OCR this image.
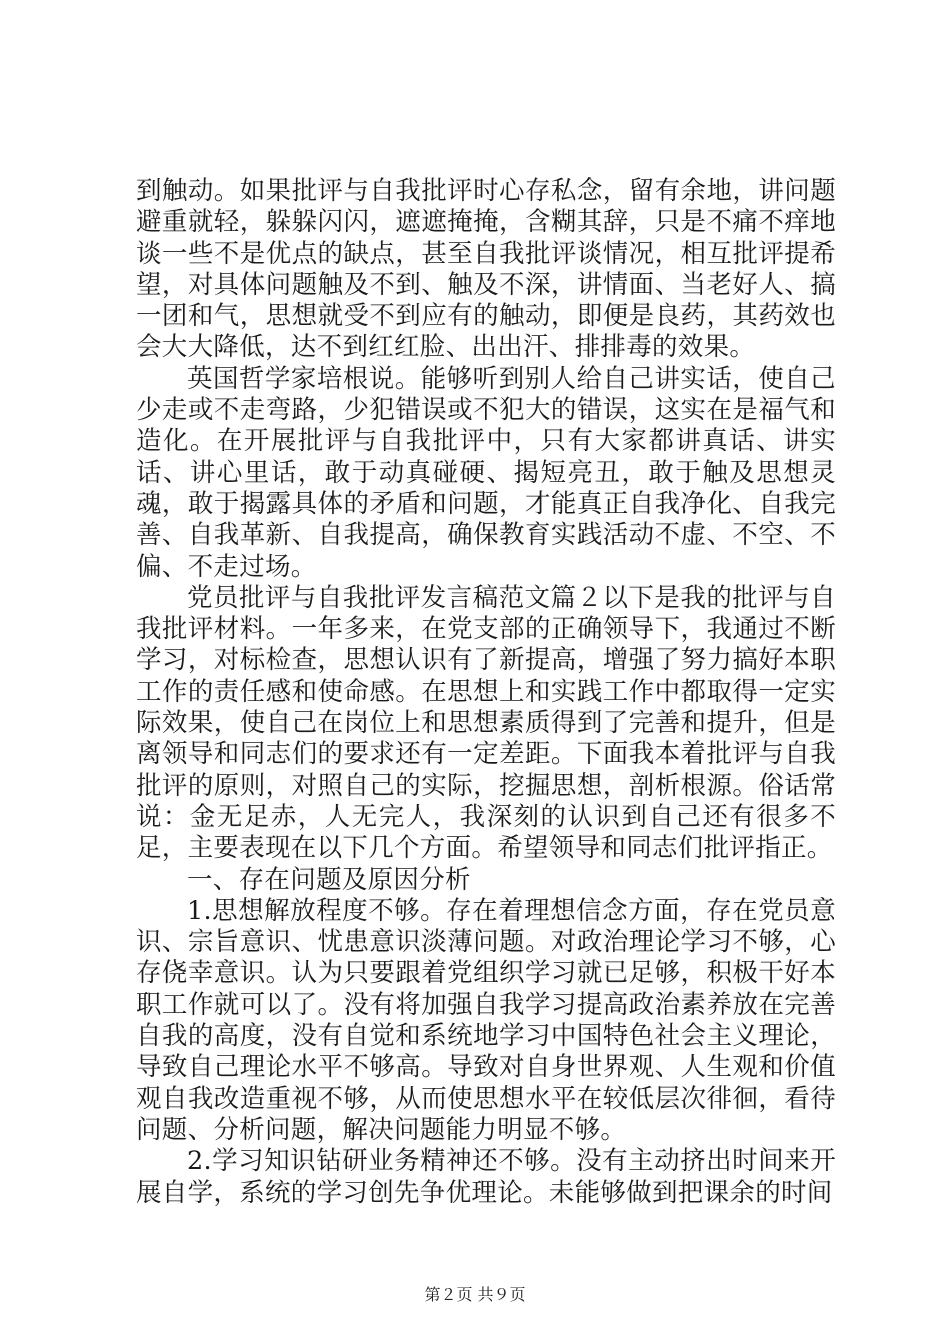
到触动。如果批评与自我批评时心存私念，留有余地，讲问题避重就轻，躲躲闪闪，遮遮掩掩，含糊其辞，只是不痛不痒地谈一些不是优点的缺点，甚至自我批评谈情况，相互批评提希望，对具体问题触及不到、触及不深，讲情面、当老好人、搞一团和气，思想就受不到应有的触动，即便是良药，其药效也会大大降低，达不到红红脸、出出汗、排排毒的效果。

英国哲学家培根说。能够听到别人给自己讲实话，使自己少走或不走弯路，少犯错误或不犯大的错误，这实在是福气和造化。在开展批评与自我批评中，只有大家都讲真话、讲实话、讲心里话，敢于动真碰硬、揭短亮丑，敢于触及思想灵魂，敢于揭露具体的矛盾和问题，才能真正自我净化、自我完善、自我革新、自我提高，确保教育实践活动不虚、不空、不偏、不走过场。

党员批评与自我批评发言稿范文篇２以下是我的批评与自我批评材料。一年多来，在党支部的正确领导下，我通过不断学习，对标检查，思想认识有了新提高，增强了努力搞好本职工作的责任感和使命感。在思想上和实践工作中都取得一定实际效果，使自己在岗位上和思想素质得到了完善和提升，但是离领导和同志们的要求还有一定差距。下面我本着批评与自我批评的原则，对照自己的实际，挖掘思想，剖析根源。俗话常说：金无足赤，人无完人，我深刻的认识到自己还有很多不足，主要表现在以下几个方面。希望领导和同志们批评指正。

一、存在问题及原因分析

1.思想解放程度不够。存在着理想信念方面，存在党员意识、宗旨意识、忧患意识淡薄问题。对政治理论学习不够，心存侥幸意识。认为只要跟着党组织学习就已足够，积极干好本职工作就可以了。没有将加强自我学习提高政治素养放在完善自我的高度，没有自觉和系统地学习中国特色社会主义理论，导致自己理论水平不够高。导致对自身世界观、人生观和价值观自我改造重视不够，从而使思想水平在较低层次徘徊，看待问题、分析问题，解决问题能力明显不够。

2.学习知识钻研业务精神还不够。没有主动挤出时间来开展自学，系统的学习创先争优理论。未能够做到把课余的时间

第２页 共９页
